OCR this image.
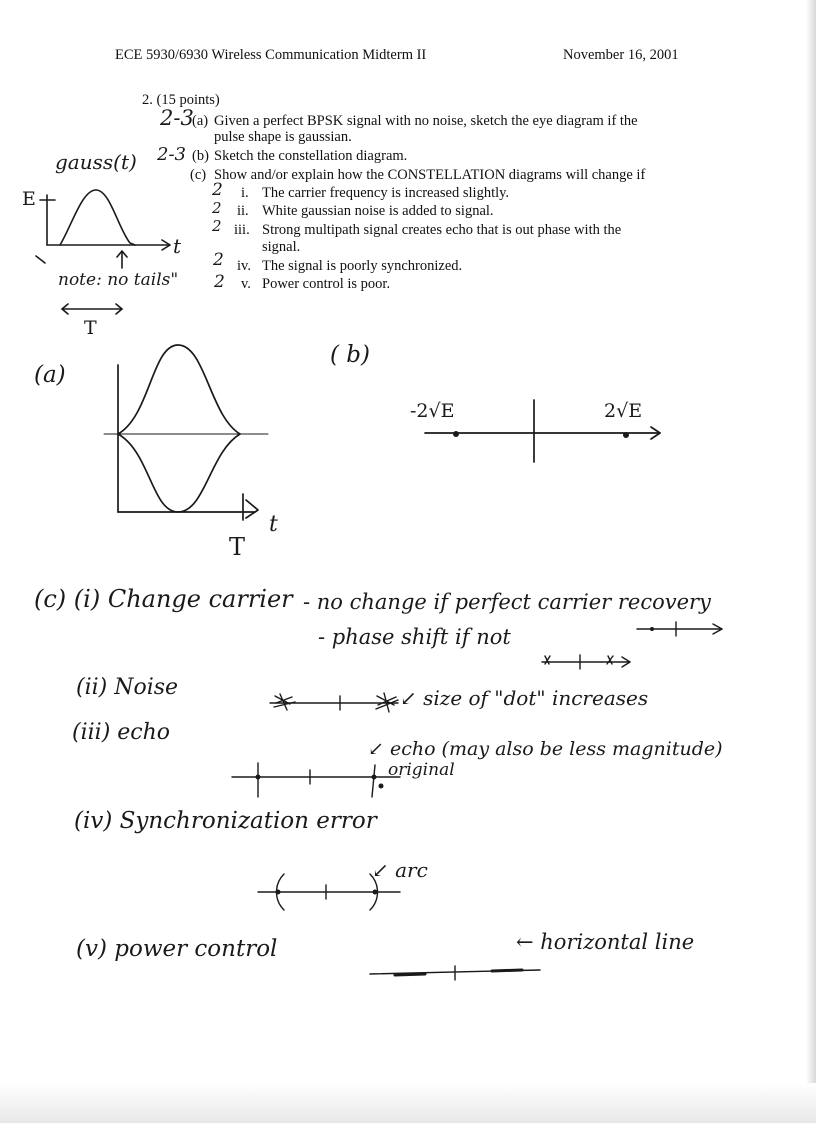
ECE 5930/6930 Wireless Communication Midterm II	November 16, 2001
2. (15 points)
(a) Given a perfect BPSK signal with no noise, sketch the eye diagram if the
pulse shape is gaussian.
(b) Sketch the constellation diagram.
(c) Show and/or explain how the CONSTELLATION diagrams will change if
i. The carrier frequency is increased slightly.
ii. White gaussian noise is added to signal.
iii. Strong multipath signal creates echo that is out phase with the
signal.
iv. The signal is poorly synchronized.
v. Power control is poor.
2-3
2-3
2
2
2
2
2
gauss(t)
E
t
note: no tails"
T
(a)
T
t
( b)
-2√E	2√E
(c) (i) Change carrier - no change if perfect carrier recovery
- phase shift if not
(ii) Noise	↙ size of "dot" increases
(iii) echo
↙ echo (may also be less magnitude)
original
(iv) Synchronization error
↙ arc
(v) power control	← horizontal line
